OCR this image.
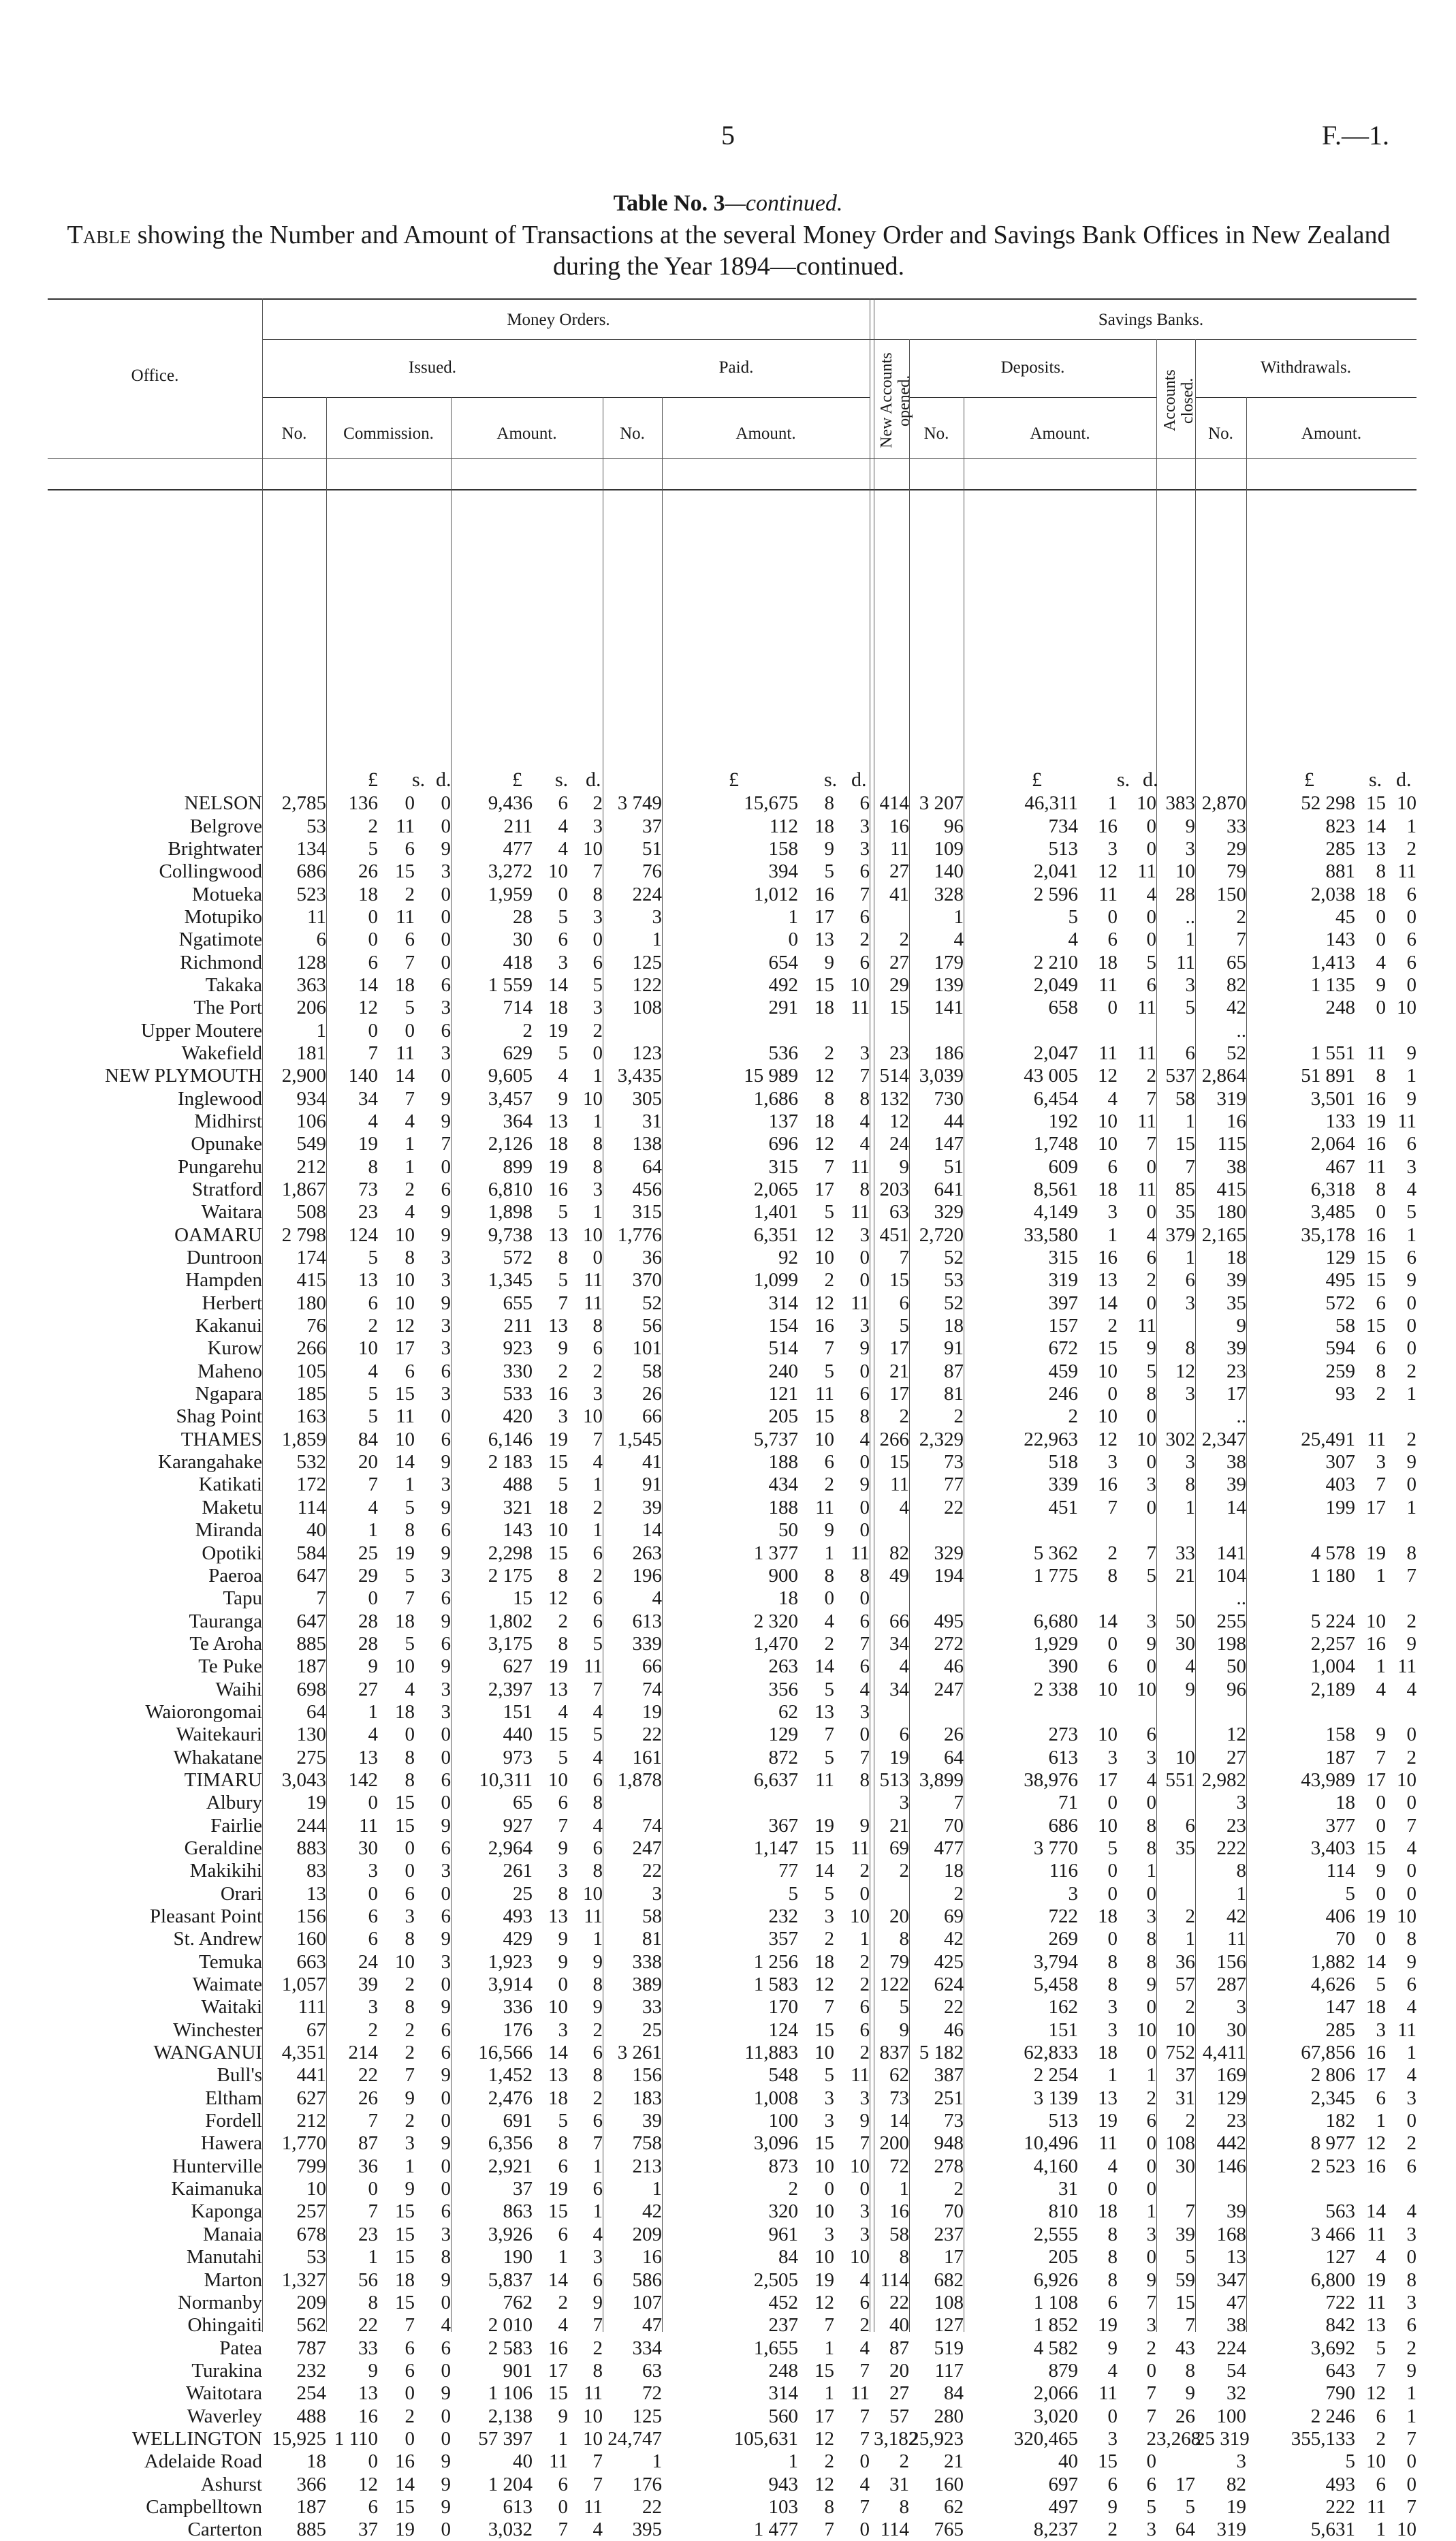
5	F.—1.
Table No. 3—continued.
Table showing the Number and Amount of Transactions at the several Money Order and Savings Bank Offices in New Zealand during the Year 1894—continued.
Money Orders.	Savings Banks.
Office.	Issued.	Paid.	Deposits.	Withdrawals.
New Accounts opened.	Accounts closed.
No.	Commission.	Amount.	No.	Amount.	No.	Amount.	No.	Amount.
£ s. d.	£ s. d.	£	s. d.	£	s. d.	£	s. d.
NELSON	2,785	136	0	0	9,436	6	2	3 749	15,675	8	6		414	3 207	46,311	1	10	383	2,870	52 298	15	10
Belgrove	53	2	11	0	211	4	3	37	112	18	3		16	96	734	16	0	9	33	823	14	1
Brightwater	134	5	6	9	477	4	10	51	158	9	3		11	109	513	3	0	3	29	285	13	2
Collingwood	686	26	15	3	3,272	10	7	76	394	5	6		27	140	2,041	12	11	10	79	881	8	11
Motueka	523	18	2	0	1,959	0	8	224	1,012	16	7		41	328	2 596	11	4	28	150	2,038	18	6
Motupiko	11	0	11	0	28	5	3	3	1	17	6			1	5	0	0	..	2	45	0	0
Ngatimote	6	0	6	0	30	6	0	1	0	13	2		2	4	4	6	0	1	7	143	0	6
Richmond	128	6	7	0	418	3	6	125	654	9	6		27	179	2 210	18	5	11	65	1,413	4	6
Takaka	363	14	18	6	1 559	14	5	122	492	15	10		29	139	2,049	11	6	3	82	1 135	9	0
The Port	206	12	5	3	714	18	3	108	291	18	11		15	141	658	0	11	5	42	248	0	10
Upper Moutere	1	0	0	6	2	19	2												..			
Wakefield	181	7	11	3	629	5	0	123	536	2	3		23	186	2,047	11	11	6	52	1 551	11	9
NEW PLYMOUTH	2,900	140	14	0	9,605	4	1	3,435	15 989	12	7		514	3,039	43 005	12	2	537	2,864	51 891	8	1
Inglewood	934	34	7	9	3,457	9	10	305	1,686	8	8		132	730	6,454	4	7	58	319	3,501	16	9
Midhirst	106	4	4	9	364	13	1	31	137	18	4		12	44	192	10	11	1	16	133	19	11
Opunake	549	19	1	7	2,126	18	8	138	696	12	4		24	147	1,748	10	7	15	115	2,064	16	6
Pungarehu	212	8	1	0	899	19	8	64	315	7	11		9	51	609	6	0	7	38	467	11	3
Stratford	1,867	73	2	6	6,810	16	3	456	2,065	17	8		203	641	8,561	18	11	85	415	6,318	8	4
Waitara	508	23	4	9	1,898	5	1	315	1,401	5	11		63	329	4,149	3	0	35	180	3,485	0	5
OAMARU	2 798	124	10	9	9,738	13	10	1,776	6,351	12	3		451	2,720	33,580	1	4	379	2,165	35,178	16	1
Duntroon	174	5	8	3	572	8	0	36	92	10	0		7	52	315	16	6	1	18	129	15	6
Hampden	415	13	10	3	1,345	5	11	370	1,099	2	0		15	53	319	13	2	6	39	495	15	9
Herbert	180	6	10	9	655	7	11	52	314	12	11		6	52	397	14	0	3	35	572	6	0
Kakanui	76	2	12	3	211	13	8	56	154	16	3		5	18	157	2	11		9	58	15	0
Kurow	266	10	17	3	923	9	6	101	514	7	9		17	91	672	15	9	8	39	594	6	0
Maheno	105	4	6	6	330	2	2	58	240	5	0		21	87	459	10	5	12	23	259	8	2
Ngapara	185	5	15	3	533	16	3	26	121	11	6		17	81	246	0	8	3	17	93	2	1
Shag Point	163	5	11	0	420	3	10	66	205	15	8		2	2	2	10	0		..			
THAMES	1,859	84	10	6	6,146	19	7	1,545	5,737	10	4		266	2,329	22,963	12	10	302	2,347	25,491	11	2
Karangahake	532	20	14	9	2 183	15	4	41	188	6	0		15	73	518	3	0	3	38	307	3	9
Katikati	172	7	1	3	488	5	1	91	434	2	9		11	77	339	16	3	8	39	403	7	0
Maketu	114	4	5	9	321	18	2	39	188	11	0		4	22	451	7	0	1	14	199	17	1
Miranda	40	1	8	6	143	10	1	14	50	9	0											
Opotiki	584	25	19	9	2,298	15	6	263	1 377	1	11		82	329	5 362	2	7	33	141	4 578	19	8
Paeroa	647	29	5	3	2 175	8	2	196	900	8	8		49	194	1 775	8	5	21	104	1 180	1	7
Tapu	7	0	7	6	15	12	6	4	18	0	0								..			
Tauranga	647	28	18	9	1,802	2	6	613	2 320	4	6		66	495	6,680	14	3	50	255	5 224	10	2
Te Aroha	885	28	5	6	3,175	8	5	339	1,470	2	7		34	272	1,929	0	9	30	198	2,257	16	9
Te Puke	187	9	10	9	627	19	11	66	263	14	6		4	46	390	6	0	4	50	1,004	1	11
Waihi	698	27	4	3	2,397	13	7	74	356	5	4		34	247	2 338	10	10	9	96	2,189	4	4
Waiorongomai	64	1	18	3	151	4	4	19	62	13	3											
Waitekauri	130	4	0	0	440	15	5	22	129	7	0		6	26	273	10	6		12	158	9	0
Whakatane	275	13	8	0	973	5	4	161	872	5	7		19	64	613	3	3	10	27	187	7	2
TIMARU	3,043	142	8	6	10,311	10	6	1,878	6,637	11	8		513	3,899	38,976	17	4	551	2,982	43,989	17	10
Albury	19	0	15	0	65	6	8						3	7	71	0	0		3	18	0	0
Fairlie	244	11	15	9	927	7	4	74	367	19	9		21	70	686	10	8	6	23	377	0	7
Geraldine	883	30	0	6	2,964	9	6	247	1,147	15	11		69	477	3 770	5	8	35	222	3,403	15	4
Makikihi	83	3	0	3	261	3	8	22	77	14	2		2	18	116	0	1		8	114	9	0
Orari	13	0	6	0	25	8	10	3	5	5	0			2	3	0	0		1	5	0	0
Pleasant Point	156	6	3	6	493	13	11	58	232	3	10		20	69	722	18	3	2	42	406	19	10
St. Andrew	160	6	8	9	429	9	1	81	357	2	1		8	42	269	0	8	1	11	70	0	8
Temuka	663	24	10	3	1,923	9	9	338	1 256	18	2		79	425	3,794	8	8	36	156	1,882	14	9
Waimate	1,057	39	2	0	3,914	0	8	389	1 583	12	2		122	624	5,458	8	9	57	287	4,626	5	6
Waitaki	111	3	8	9	336	10	9	33	170	7	6		5	22	162	3	0	2	3	147	18	4
Winchester	67	2	2	6	176	3	2	25	124	15	6		9	46	151	3	10	10	30	285	3	11
WANGANUI	4,351	214	2	6	16,566	14	6	3 261	11,883	10	2		837	5 182	62,833	18	0	752	4,411	67,856	16	1
Bull's	441	22	7	9	1,452	13	8	156	548	5	11		62	387	2 254	1	1	37	169	2 806	17	4
Eltham	627	26	9	0	2,476	18	2	183	1,008	3	3		73	251	3 139	13	2	31	129	2,345	6	3
Fordell	212	7	2	0	691	5	6	39	100	3	9		14	73	513	19	6	2	23	182	1	0
Hawera	1,770	87	3	9	6,356	8	7	758	3,096	15	7		200	948	10,496	11	0	108	442	8 977	12	2
Hunterville	799	36	1	0	2,921	6	1	213	873	10	10		72	278	4,160	4	0	30	146	2 523	16	6
Kaimanuka	10	0	9	0	37	19	6	1	2	0	0		1	2	31	0	0					
Kaponga	257	7	15	6	863	15	1	42	320	10	3		16	70	810	18	1	7	39	563	14	4
Manaia	678	23	15	3	3,926	6	4	209	961	3	3		58	237	2,555	8	3	39	168	3 466	11	3
Manutahi	53	1	15	8	190	1	3	16	84	10	10		8	17	205	8	0	5	13	127	4	0
Marton	1,327	56	18	9	5,837	14	6	586	2,505	19	4		114	682	6,926	8	9	59	347	6,800	19	8
Normanby	209	8	15	0	762	2	9	107	452	12	6		22	108	1 108	6	7	15	47	722	11	3
Ohingaiti	562	22	7	4	2 010	4	7	47	237	7	2		40	127	1 852	19	3	7	38	842	13	6
Patea	787	33	6	6	2 583	16	2	334	1,655	1	4		87	519	4 582	9	2	43	224	3,692	5	2
Turakina	232	9	6	0	901	17	8	63	248	15	7		20	117	879	4	0	8	54	643	7	9
Waitotara	254	13	0	9	1 106	15	11	72	314	1	11		27	84	2,066	11	7	9	32	790	12	1
Waverley	488	16	2	0	2,138	9	10	125	560	17	7		57	280	3,020	0	7	26	100	2 246	6	1
WELLINGTON	15,925	1 110	0	0	57 397	1	10	24,747	105,631	12	7		3,182	25,923	320,465	3	2	3,268	25 319	355,133	2	7
Adelaide Road	18	0	16	9	40	11	7	1	1	2	0		2	21	40	15	0		3	5	10	0
Ashurst	366	12	14	9	1 204	6	7	176	943	12	4		31	160	697	6	6	17	82	493	6	0
Campbelltown	187	6	15	9	613	0	11	22	103	8	7		8	62	497	9	5	5	19	222	11	7
Carterton	885	37	19	0	3,032	7	4	395	1 477	7	0		114	765	8,237	2	3	64	319	5,631	1	10
